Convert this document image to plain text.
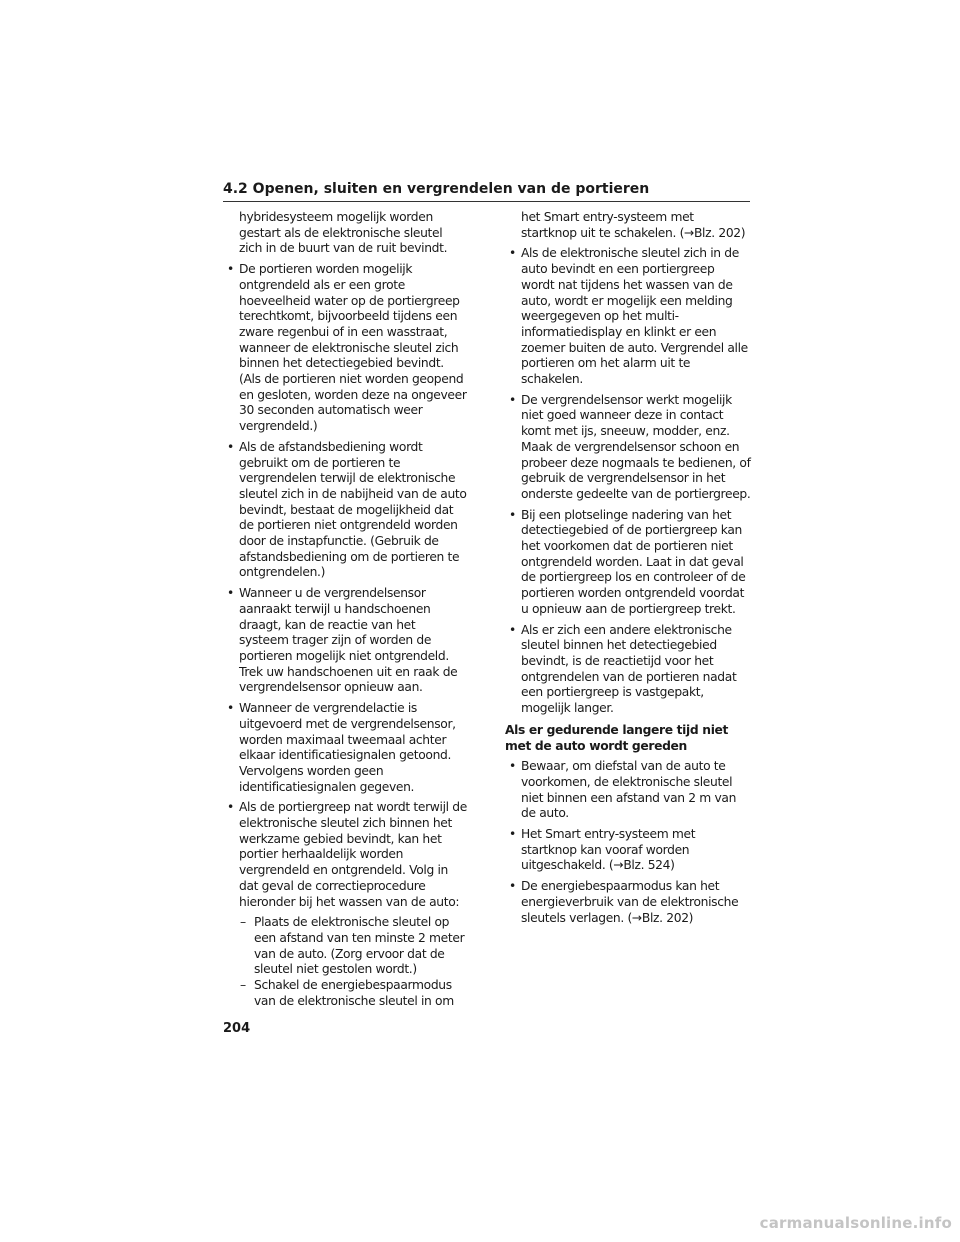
4.2 Openen, sluiten en vergrendelen van de portieren

hybridesysteem mogelijk worden gestart als de elektronische sleutel zich in de buurt van de ruit bevindt.

• De portieren worden mogelijk ontgrendeld als er een grote hoeveelheid water op de portiergreep terechtkomt, bijvoorbeeld tijdens een zware regenbui of in een wasstraat, wanneer de elektronische sleutel zich binnen het detectiegebied bevindt. (Als de portieren niet worden geopend en gesloten, worden deze na ongeveer 30 seconden automatisch weer vergrendeld.)
• Als de afstandsbediening wordt gebruikt om de portieren te vergrendelen terwijl de elektronische sleutel zich in de nabijheid van de auto bevindt, bestaat de mogelijkheid dat de portieren niet ontgrendeld worden door de instapfunctie. (Gebruik de afstandsbediening om de portieren te ontgrendelen.)
• Wanneer u de vergrendelsensor aanraakt terwijl u handschoenen draagt, kan de reactie van het systeem trager zijn of worden de portieren mogelijk niet ontgrendeld. Trek uw handschoenen uit en raak de vergrendelsensor opnieuw aan.
• Wanneer de vergrendelactie is uitgevoerd met de vergrendelsensor, worden maximaal tweemaal achter elkaar identificatiesignalen getoond. Vervolgens worden geen identificatiesignalen gegeven.
• Als de portiergreep nat wordt terwijl de elektronische sleutel zich binnen het werkzame gebied bevindt, kan het portier herhaaldelijk worden vergrendeld en ontgrendeld. Volg in dat geval de correctieprocedure hieronder bij het wassen van de auto:
– Plaats de elektronische sleutel op een afstand van ten minste 2 meter van de auto. (Zorg ervoor dat de sleutel niet gestolen wordt.)
– Schakel de energiebespaarmodus van de elektronische sleutel in om

het Smart entry-systeem met startknop uit te schakelen. (→Blz. 202)

• Als de elektronische sleutel zich in de auto bevindt en een portiergreep wordt nat tijdens het wassen van de auto, wordt er mogelijk een melding weergegeven op het multi-informatiedisplay en klinkt er een zoemer buiten de auto. Vergrendel alle portieren om het alarm uit te schakelen.
• De vergrendelsensor werkt mogelijk niet goed wanneer deze in contact komt met ijs, sneeuw, modder, enz. Maak de vergrendelsensor schoon en probeer deze nogmaals te bedienen, of gebruik de vergrendelsensor in het onderste gedeelte van de portiergreep.
• Bij een plotselinge nadering van het detectiegebied of de portiergreep kan het voorkomen dat de portieren niet ontgrendeld worden. Laat in dat geval de portiergreep los en controleer of de portieren worden ontgrendeld voordat u opnieuw aan de portiergreep trekt.
• Als er zich een andere elektronische sleutel binnen het detectiegebied bevindt, is de reactietijd voor het ontgrendelen van de portieren nadat een portiergreep is vastgepakt, mogelijk langer.

Als er gedurende langere tijd niet met de auto wordt gereden

• Bewaar, om diefstal van de auto te voorkomen, de elektronische sleutel niet binnen een afstand van 2 m van de auto.
• Het Smart entry-systeem met startknop kan vooraf worden uitgeschakeld. (→Blz. 524)
• De energiebespaarmodus kan het energieverbruik van de elektronische sleutels verlagen. (→Blz. 202)
204
carmanualsonline.info
